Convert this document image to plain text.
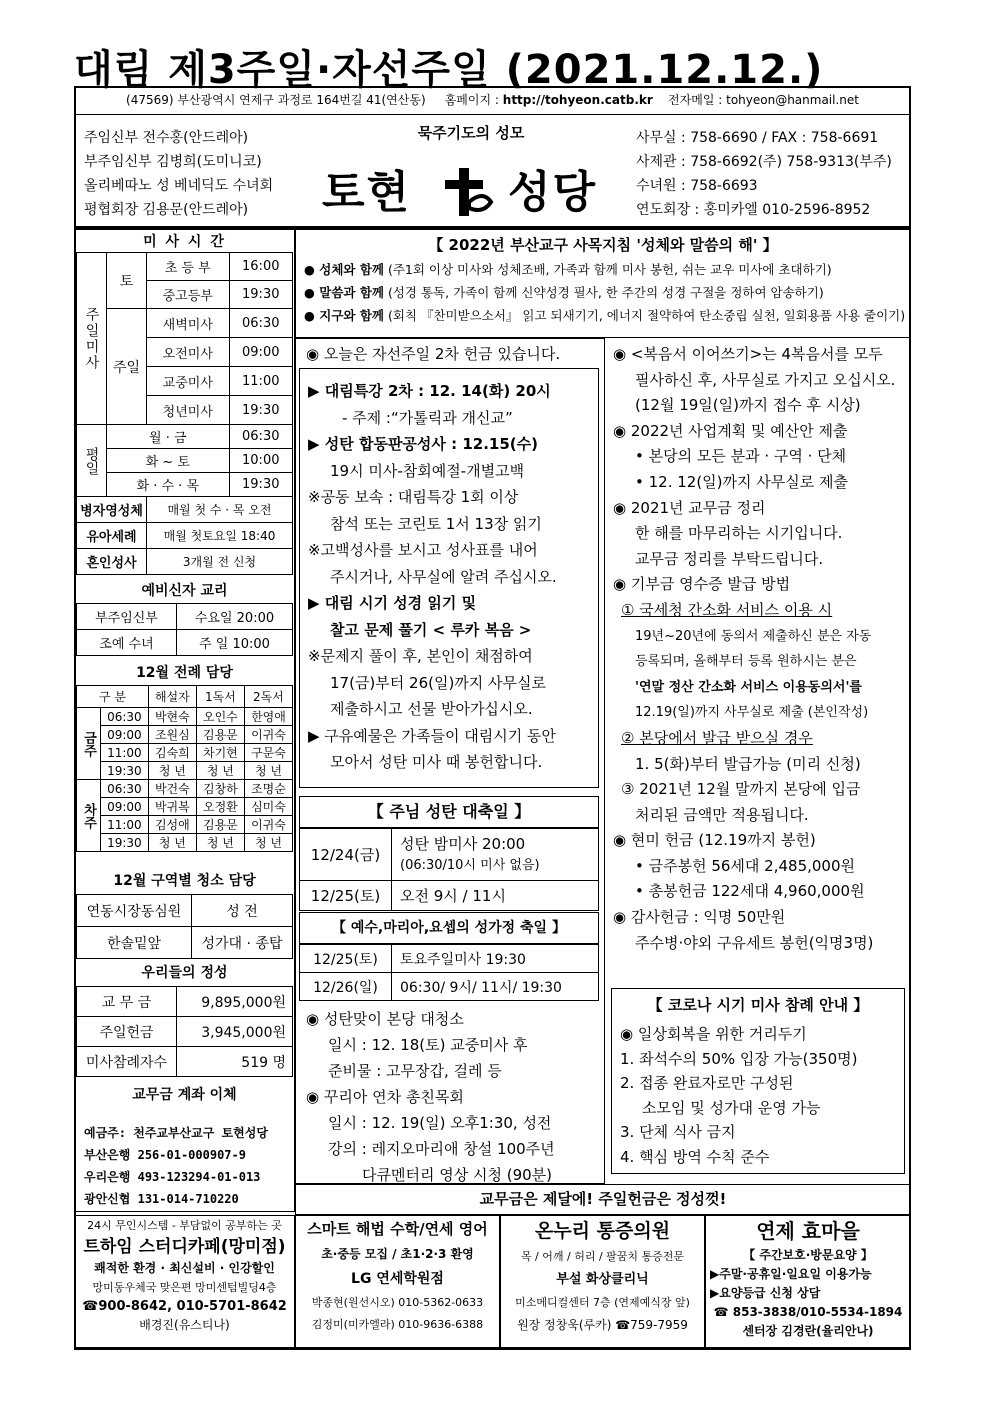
대림 제3주일·자선주일 (2021.12.12.)
(47569) 부산광역시 연제구 과정로 164번길 41(연산동) 홈페이지 : http://tohyeon.catb.kr 전자메일 : tohyeon@hanmail.net
주임신부 전수홍(안드레아)
부주임신부 김병희(도미니코)
올리베따노 성 베네딕도 수녀회
평협회장 김용문(안드레아)
묵주기도의 성모
토현 성당
사무실 : 758-6690 / FAX : 758-6691
사제관 : 758-6692(주) 758-9313(부주)
수녀원 : 758-6693
연도회장 : 홍미카엘 010-2596-8952
미 사 시 간
주일미사	토	초 등 부	16:00
		중고등부	19:30
	주일	새벽미사	06:30
		오전미사	09:00
		교중미사	11:00
		청년미사	19:30
평일	월 · 금		06:30
	화 ~ 토		10:00
	화 · 수 · 목		19:30
병자영성체		매월 첫 수 · 목 오전	
유아세례		매월 첫토요일 18:40	
혼인성사		3개월 전 신청	
예비신자 교리
부주임신부	수요일 20:00
조예 수녀	주 일 10:00
12월 전례 담당
구 분		해설자	1독서	2독서
금주	06:30	박현숙	오인수	한영애
	09:00	조원심	김용문	이귀숙
	11:00	김숙희	차기현	구문숙
	19:30	청 년	청 년	청 년
차주	06:30	박건숙	김창하	조명순
	09:00	박귀복	오정환	심미숙
	11:00	김성애	김용문	이귀숙
	19:30	청 년	청 년	청 년
12월 구역별 청소 담당
연동시장동심원	성 전
한솔밑앞	성가대 · 종탑
우리들의 정성
교 무 금	9,895,000원
주일헌금	3,945,000원
미사참례자수	519 명
교무금 계좌 이체
예금주: 천주교부산교구 토현성당
부산은행 256-01-000907-9
우리은행 493-123294-01-013
광안신협 131-014-710220
【 2022년 부산교구 사목지침 '성체와 말씀의 해' 】
● 성체와 함께 (주1회 이상 미사와 성체조배, 가족과 함께 미사 봉헌, 쉬는 교우 미사에 초대하기)
● 말씀과 함께 (성경 통독, 가족이 함께 신약성경 필사, 한 주간의 성경 구절을 정하여 암송하기)
● 지구와 함께 (회칙 『찬미받으소서』 읽고 되새기기, 에너지 절약하여 탄소중립 실천, 일회용품 사용 줄이기)
◉ 오늘은 자선주일 2차 헌금 있습니다.

▶ 대림특강 2차 : 12. 14(화) 20시

- 주제 :“가톨릭과 개신교”

▶ 성탄 합동판공성사 : 12.15(수)

19시 미사-참회예절-개별고백

※공동 보속 : 대림특강 1회 이상

참석 또는 코린토 1서 13장 읽기

※고백성사를 보시고 성사표를 내어

주시거나, 사무실에 알려 주십시오.

▶ 대림 시기 성경 읽기 및

찰고 문제 풀기 < 루카 복음 >

※문제지 풀이 후, 본인이 채점하여

17(금)부터 26(일)까지 사무실로

제출하시고 선물 받아가십시오.

▶ 구유예물은 가족들이 대림시기 동안

모아서 성탄 미사 때 봉헌합니다.

【 주님 성탄 대축일 】
12/24(금)	성탄 밤미사 20:00
(06:30/10시 미사 없음)

12/25(토)	오전 9시 / 11시
【 예수,마리아,요셉의 성가정 축일 】
12/25(토)	토요주일미사 19:30
12/26(일)	06:30/ 9시/ 11시/ 19:30

◉ 성탄맞이 본당 대청소

일시 : 12. 18(토) 교중미사 후

준비물 : 고무장갑, 걸레 등

◉ 꾸리아 연차 총친목회

일시 : 12. 19(일) 오후1:30, 성전

강의 : 레지오마리애 창설 100주년

다큐멘터리 영상 시청 (90분)

◉ <복음서 이어쓰기>는 4복음서를 모두

필사하신 후, 사무실로 가지고 오십시오.

(12월 19일(일)까지 접수 후 시상)

◉ 2022년 사업계획 및 예산안 제출

• 본당의 모든 분과 · 구역 · 단체

• 12. 12(일)까지 사무실로 제출

◉ 2021년 교무금 정리

한 해를 마무리하는 시기입니다.

교무금 정리를 부탁드립니다.

◉ 기부금 영수증 발급 방법

① 국세청 간소화 서비스 이용 시

19년~20년에 동의서 제출하신 분은 자동

등록되며, 올해부터 등록 원하시는 분은

'연말 정산 간소화 서비스 이용동의서'를

12.19(일)까지 사무실로 제출 (본인작성)

② 본당에서 발급 받으실 경우

1. 5(화)부터 발급가능 (미리 신청)

③ 2021년 12월 말까지 본당에 입금

처리된 금액만 적용됩니다.

◉ 현미 헌금 (12.19까지 봉헌)

• 금주봉헌 56세대 2,485,000원

• 총봉헌금 122세대 4,960,000원

◉ 감사헌금 : 익명 50만원

주수병·야외 구유세트 봉헌(익명3명)

【 코로나 시기 미사 참례 안내 】

◉ 일상회복을 위한 거리두기

1. 좌석수의 50% 입장 가능(350명)

2. 접종 완료자로만 구성된

소모임 및 성가대 운영 가능

3. 단체 식사 금지

4. 핵심 방역 수칙 준수

교무금은 제달에! 주일헌금은 정성껏!
24시 무인시스템 - 부담없이 공부하는 곳
트하임 스터디카페(망미점)
쾌적한 환경 · 최신설비 · 인강할인
망미동우체국 맞은편 망미센텀빌딩4층
☎900-8642, 010-5701-8642
배경진(유스티나)
스마트 해법 수학/연세 영어
초·중등 모집 / 초1·2·3 환영
LG 연세학원점
박종현(원선시오) 010-5362-0633
김정미(미카엘라) 010-9636-6388
온누리 통증의원
목 / 어깨 / 허리 / 팔꿈치 통증전문
부설 화상클리닉
미소메디컬센터 7층 (연제예식장 앞)
원장 정창욱(루카) ☎759-7959
연제 효마을
【 주간보호·방문요양 】
▶주말·공휴일·일요일 이용가능
▶요양등급 신청 상담
☎ 853-3838/010-5534-1894
센터장 김경란(율리안나)
